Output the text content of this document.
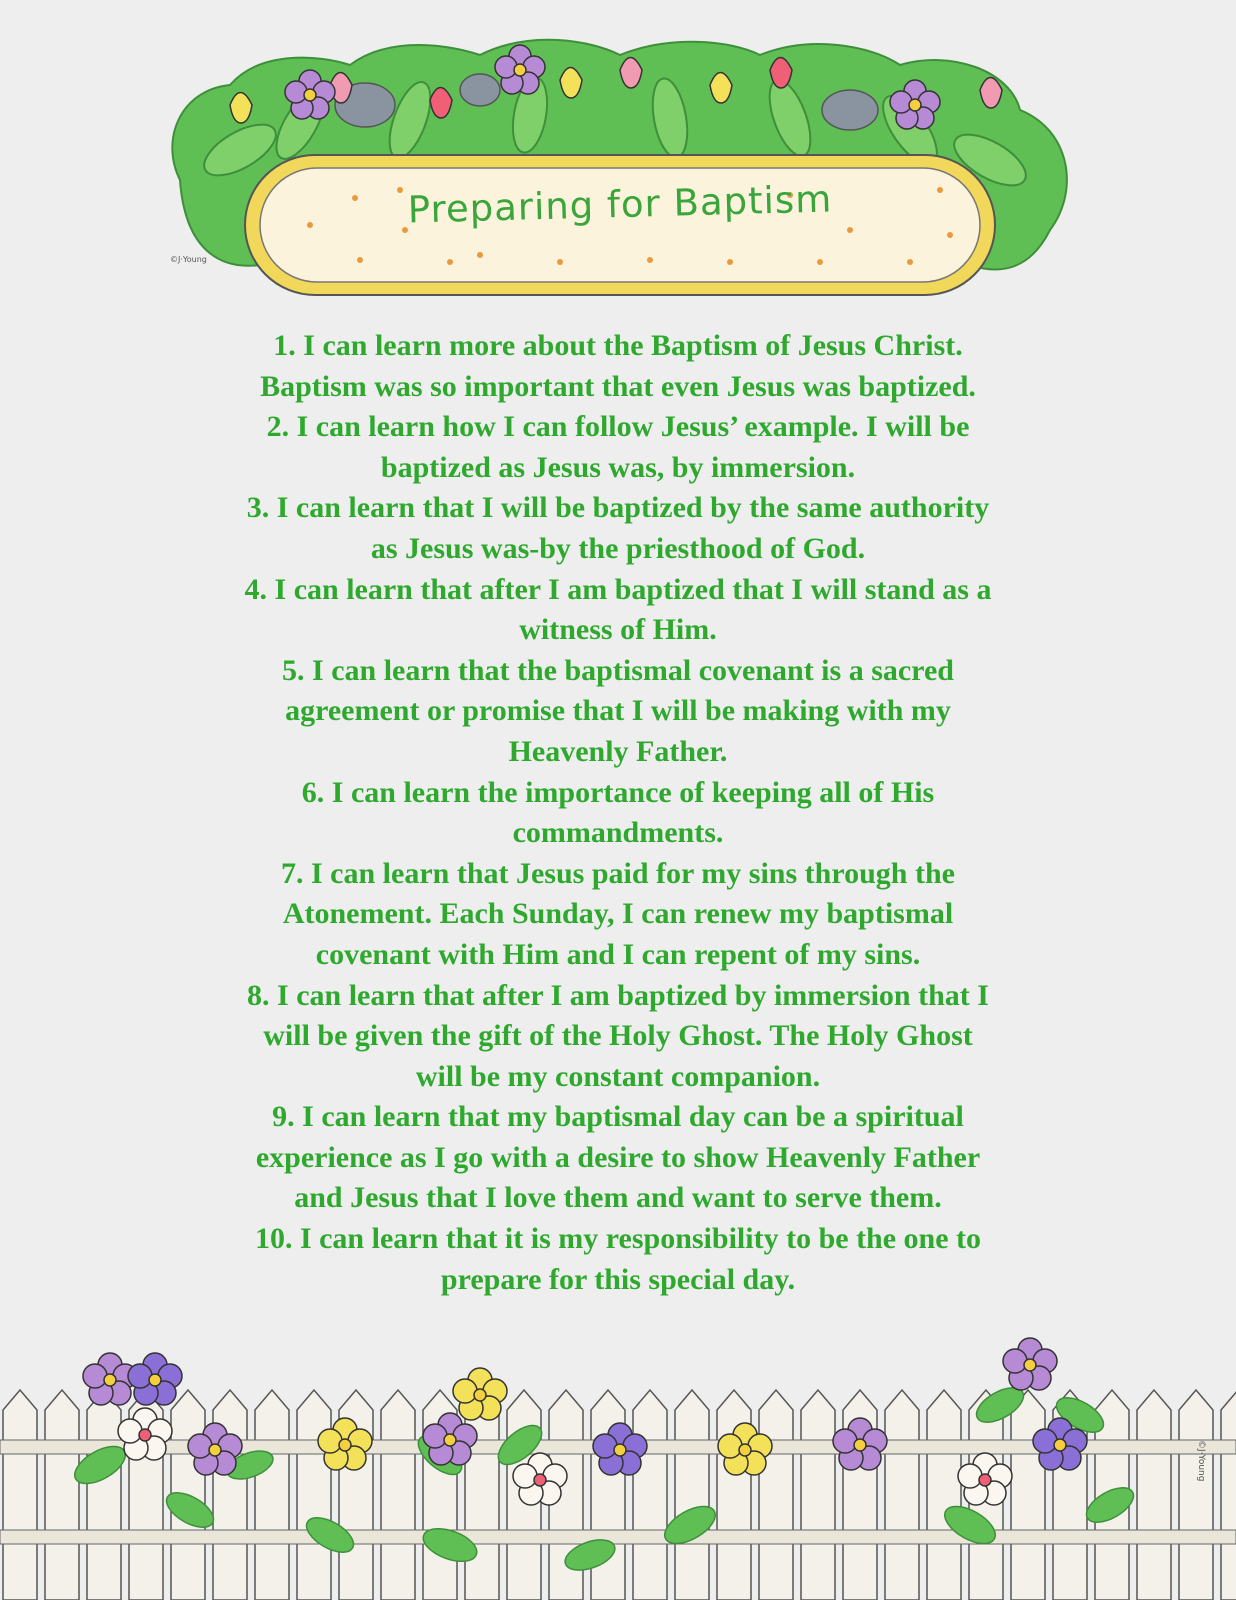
Preparing for Baptism
©J·Young
1. I can learn more about the Baptism of Jesus Christ.
Baptism was so important that even Jesus was baptized.
2. I can learn how I can follow Jesus’ example. I will be
baptized as Jesus was, by immersion.
3. I can learn that I will be baptized by the same authority
as Jesus was-by the priesthood of God.
4. I can learn that after I am baptized that I will stand as a
witness of Him.
5. I can learn that the baptismal covenant is a sacred
agreement or promise that I will be making with my
Heavenly Father.
6. I can learn the importance of keeping all of His
commandments.
7. I can learn that Jesus paid for my sins through the
Atonement. Each Sunday, I can renew my baptismal
covenant with Him and I can repent of my sins.
8. I can learn that after I am baptized by immersion that I
will be given the gift of the Holy Ghost. The Holy Ghost
will be my constant companion.
9. I can learn that my baptismal day can be a spiritual
experience as I go with a desire to show Heavenly Father
and Jesus that I love them and want to serve them.
10. I can learn that it is my responsibility to be the one to
prepare for this special day.
©J·Young
